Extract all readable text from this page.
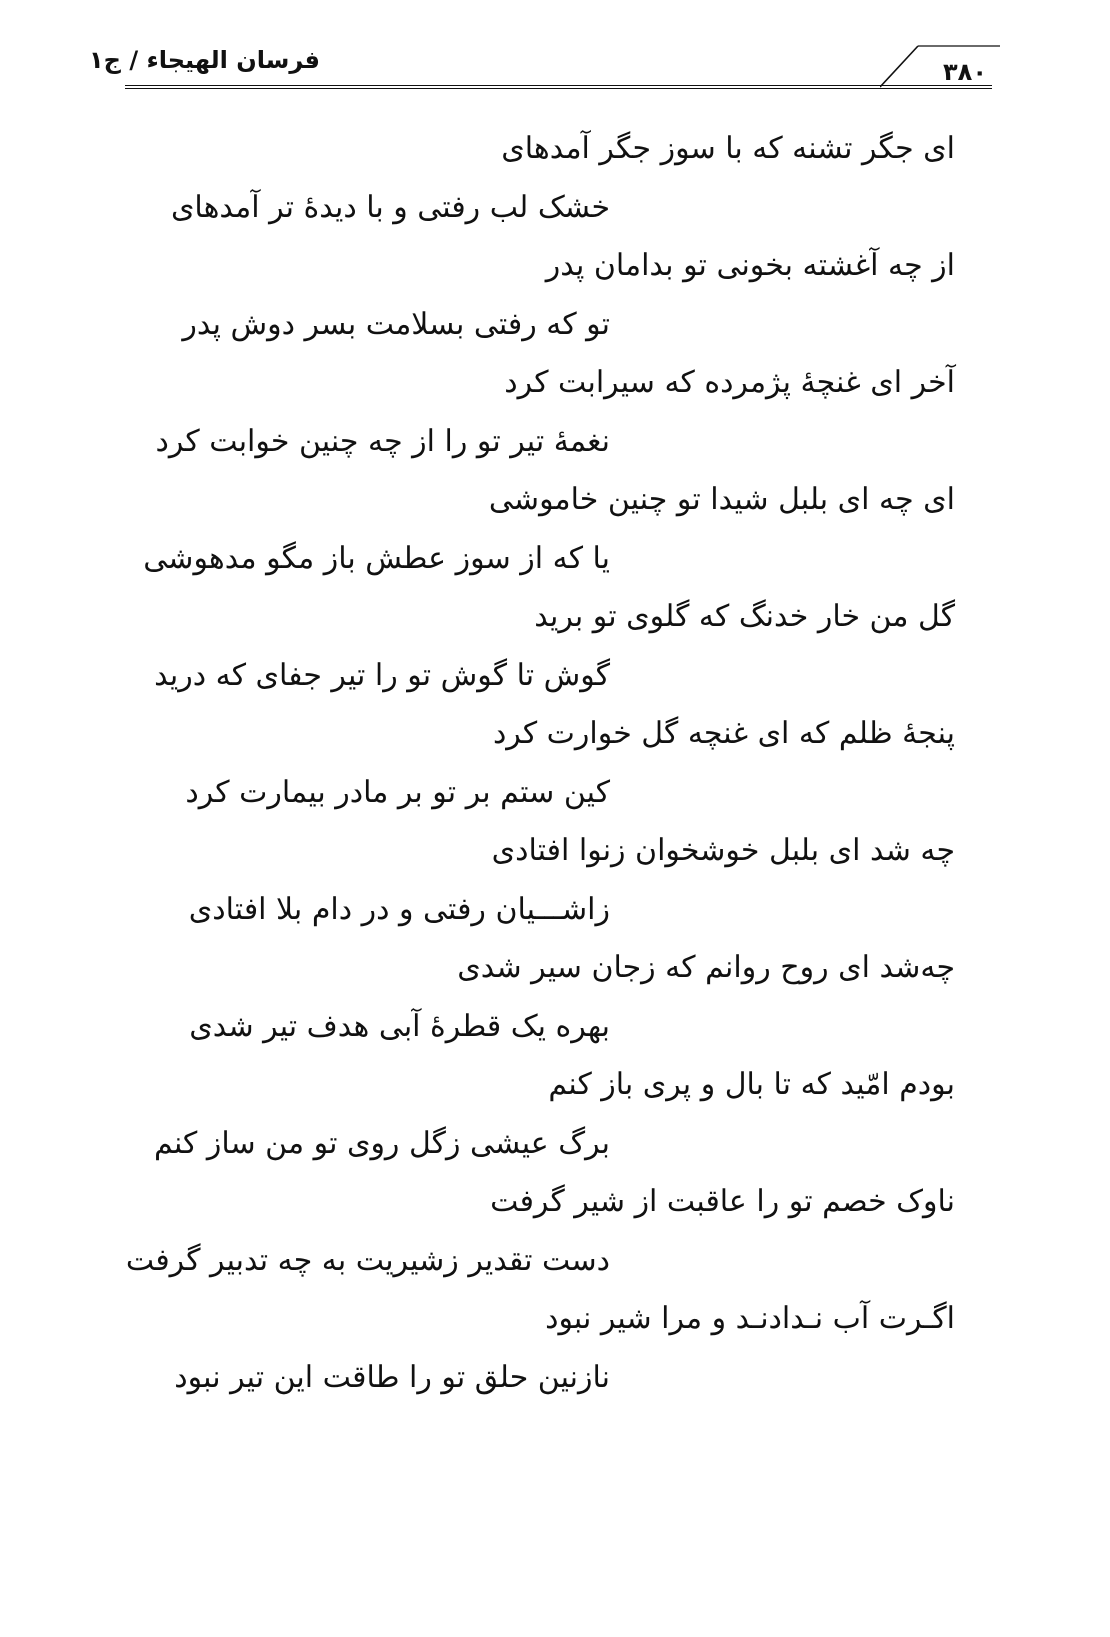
فرسان الهیجاء / ج۱	۳۸۰
ای جگر تشنه که با سوز جگر آمدهای
خشک لب رفتی و با دیدهٔ تر آمدهای
از چه آغشته بخونی تو بدامان پدر
تو که رفتی بسلامت بسر دوش پدر
آخر ای غنچهٔ پژمرده که سیرابت کرد
نغمهٔ تیر تو را از چه چنین خوابت کرد
ای چه ای بلبل شیدا تو چنین خاموشی
یا که از سوز عطش باز مگو مدهوشی
گل من خار خدنگ که گلوی تو برید
گوش تا گوش تو را تیر جفای که درید
پنجهٔ ظلم که ای غنچه گل خوارت کرد
کین ستم بر تو بر مادر بیمارت کرد
چه شد ای بلبل خوشخوان زنوا افتادی
زاشـــیان رفتی و در دام بلا افتادی
چه‌شد ای روح روانم که زجان سیر شدی
بهره یک قطرهٔ آبی هدف تیر شدی
بودم امّید که تا بال و پری باز کنم
برگ عیشی زگل روی تو من ساز کنم
ناوک خصم تو را عاقبت از شیر گرفت
دست تقدیر زشیریت به چه تدبیر گرفت
اگـرت آب نـدادنـد و مرا شیر نبود
نازنین حلق تو را طاقت این تیر نبود
